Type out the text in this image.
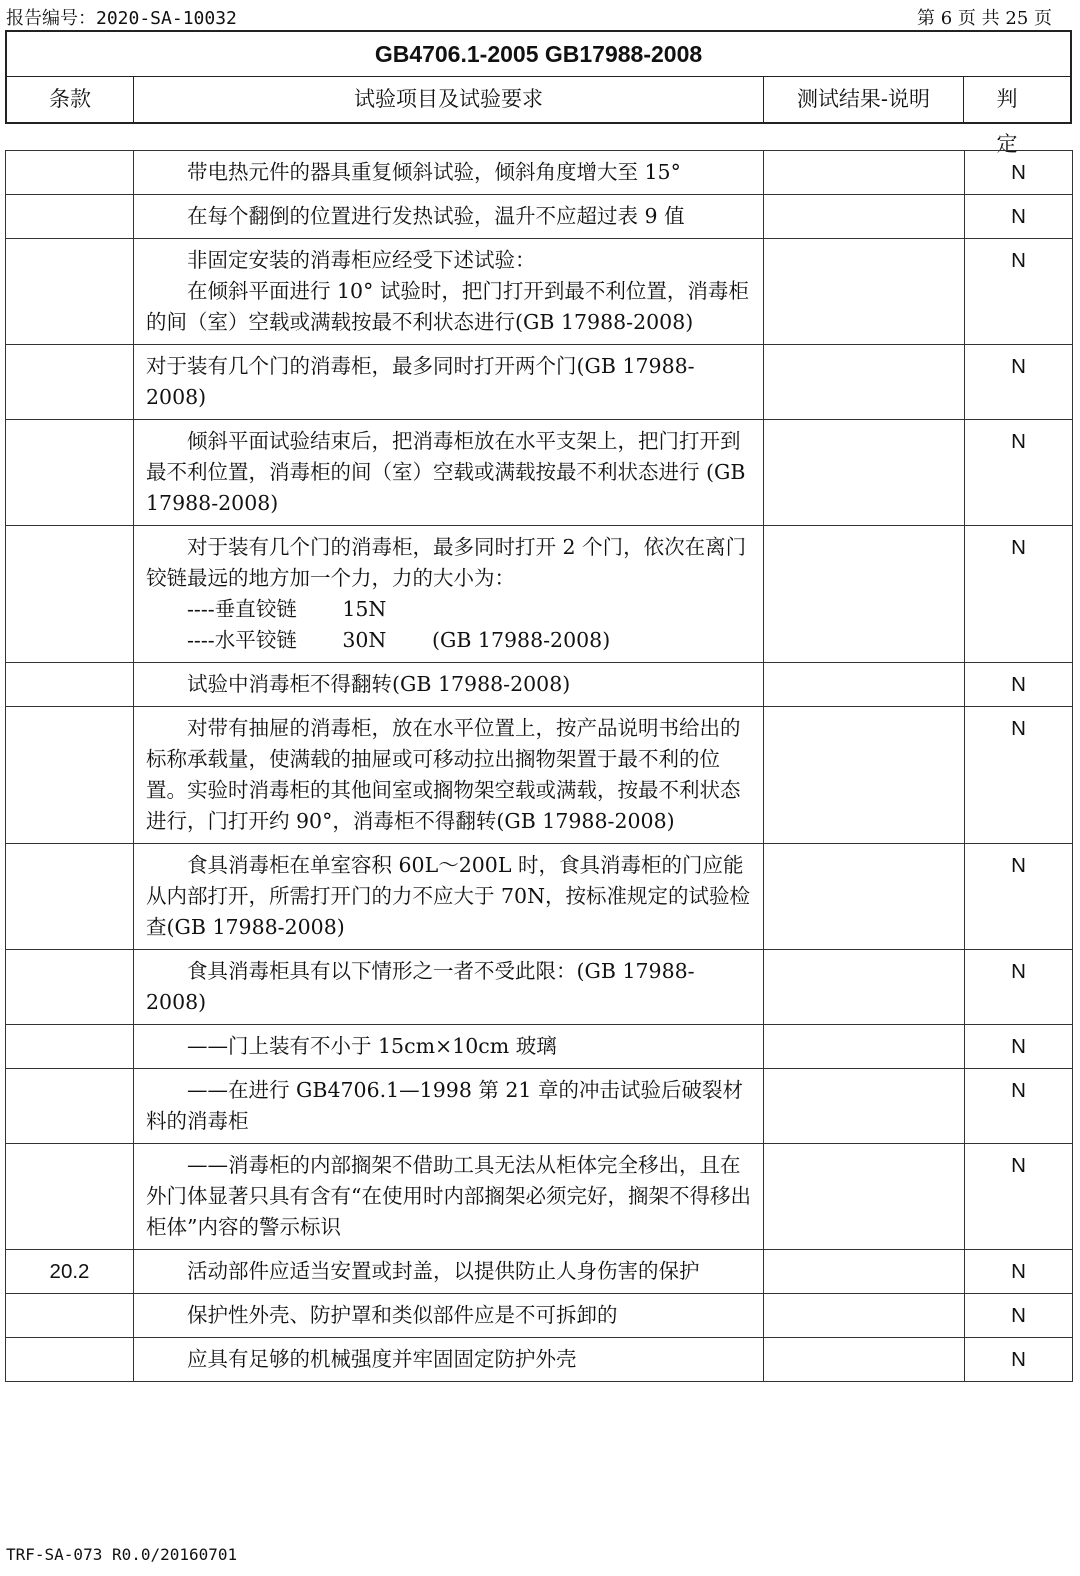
报告编号：2020-SA-10032	第 6 页 共 25 页
GB4706.1-2005 GB17988-2008
条款	试验项目及试验要求	测试结果-说明	判 定

	带电热元件的器具重复倾斜试验，倾斜角度增大至 15°		N

	在每个翻倒的位置进行发热试验，温升不应超过表 9 值		N

	非固定安装的消毒柜应经受下述试验：
在倾斜平面进行 10° 试验时，把门打开到最不利位置，消毒柜的间（室）空载或满载按最不利状态进行(GB 17988-2008)		N

	对于装有几个门的消毒柜，最多同时打开两个门(GB 17988-2008)		N

	倾斜平面试验结束后，把消毒柜放在水平支架上，把门打开到最不利位置，消毒柜的间（室）空载或满载按最不利状态进行 (GB 17988-2008)		N

	对于装有几个门的消毒柜，最多同时打开 2 个门，依次在离门铰链最远的地方加一个力，力的大小为：
----垂直铰链       15N
----水平铰链       30N       (GB 17988-2008)		N

	试验中消毒柜不得翻转(GB 17988-2008)		N

	对带有抽屉的消毒柜，放在水平位置上，按产品说明书给出的标称承载量，使满载的抽屉或可移动拉出搁物架置于最不利的位置。实验时消毒柜的其他间室或搁物架空载或满载，按最不利状态进行，门打开约 90°，消毒柜不得翻转(GB 17988-2008)		N

	食具消毒柜在单室容积 60L～200L 时，食具消毒柜的门应能从内部打开，所需打开门的力不应大于 70N，按标准规定的试验检查(GB 17988-2008)		N

	食具消毒柜具有以下情形之一者不受此限：(GB 17988-2008)		N

	——门上装有不小于 15cm×10cm 玻璃		N

	——在进行 GB4706.1—1998 第 21 章的冲击试验后破裂材料的消毒柜		N

	——消毒柜的内部搁架不借助工具无法从柜体完全移出，且在外门体显著只具有含有“在使用时内部搁架必须完好，搁架不得移出柜体”内容的警示标识		N
20.2	活动部件应适当安置或封盖，以提供防止人身伤害的保护		N

	保护性外壳、防护罩和类似部件应是不可拆卸的		N

	应具有足够的机械强度并牢固固定防护外壳		N
TRF-SA-073 R0.0/20160701
